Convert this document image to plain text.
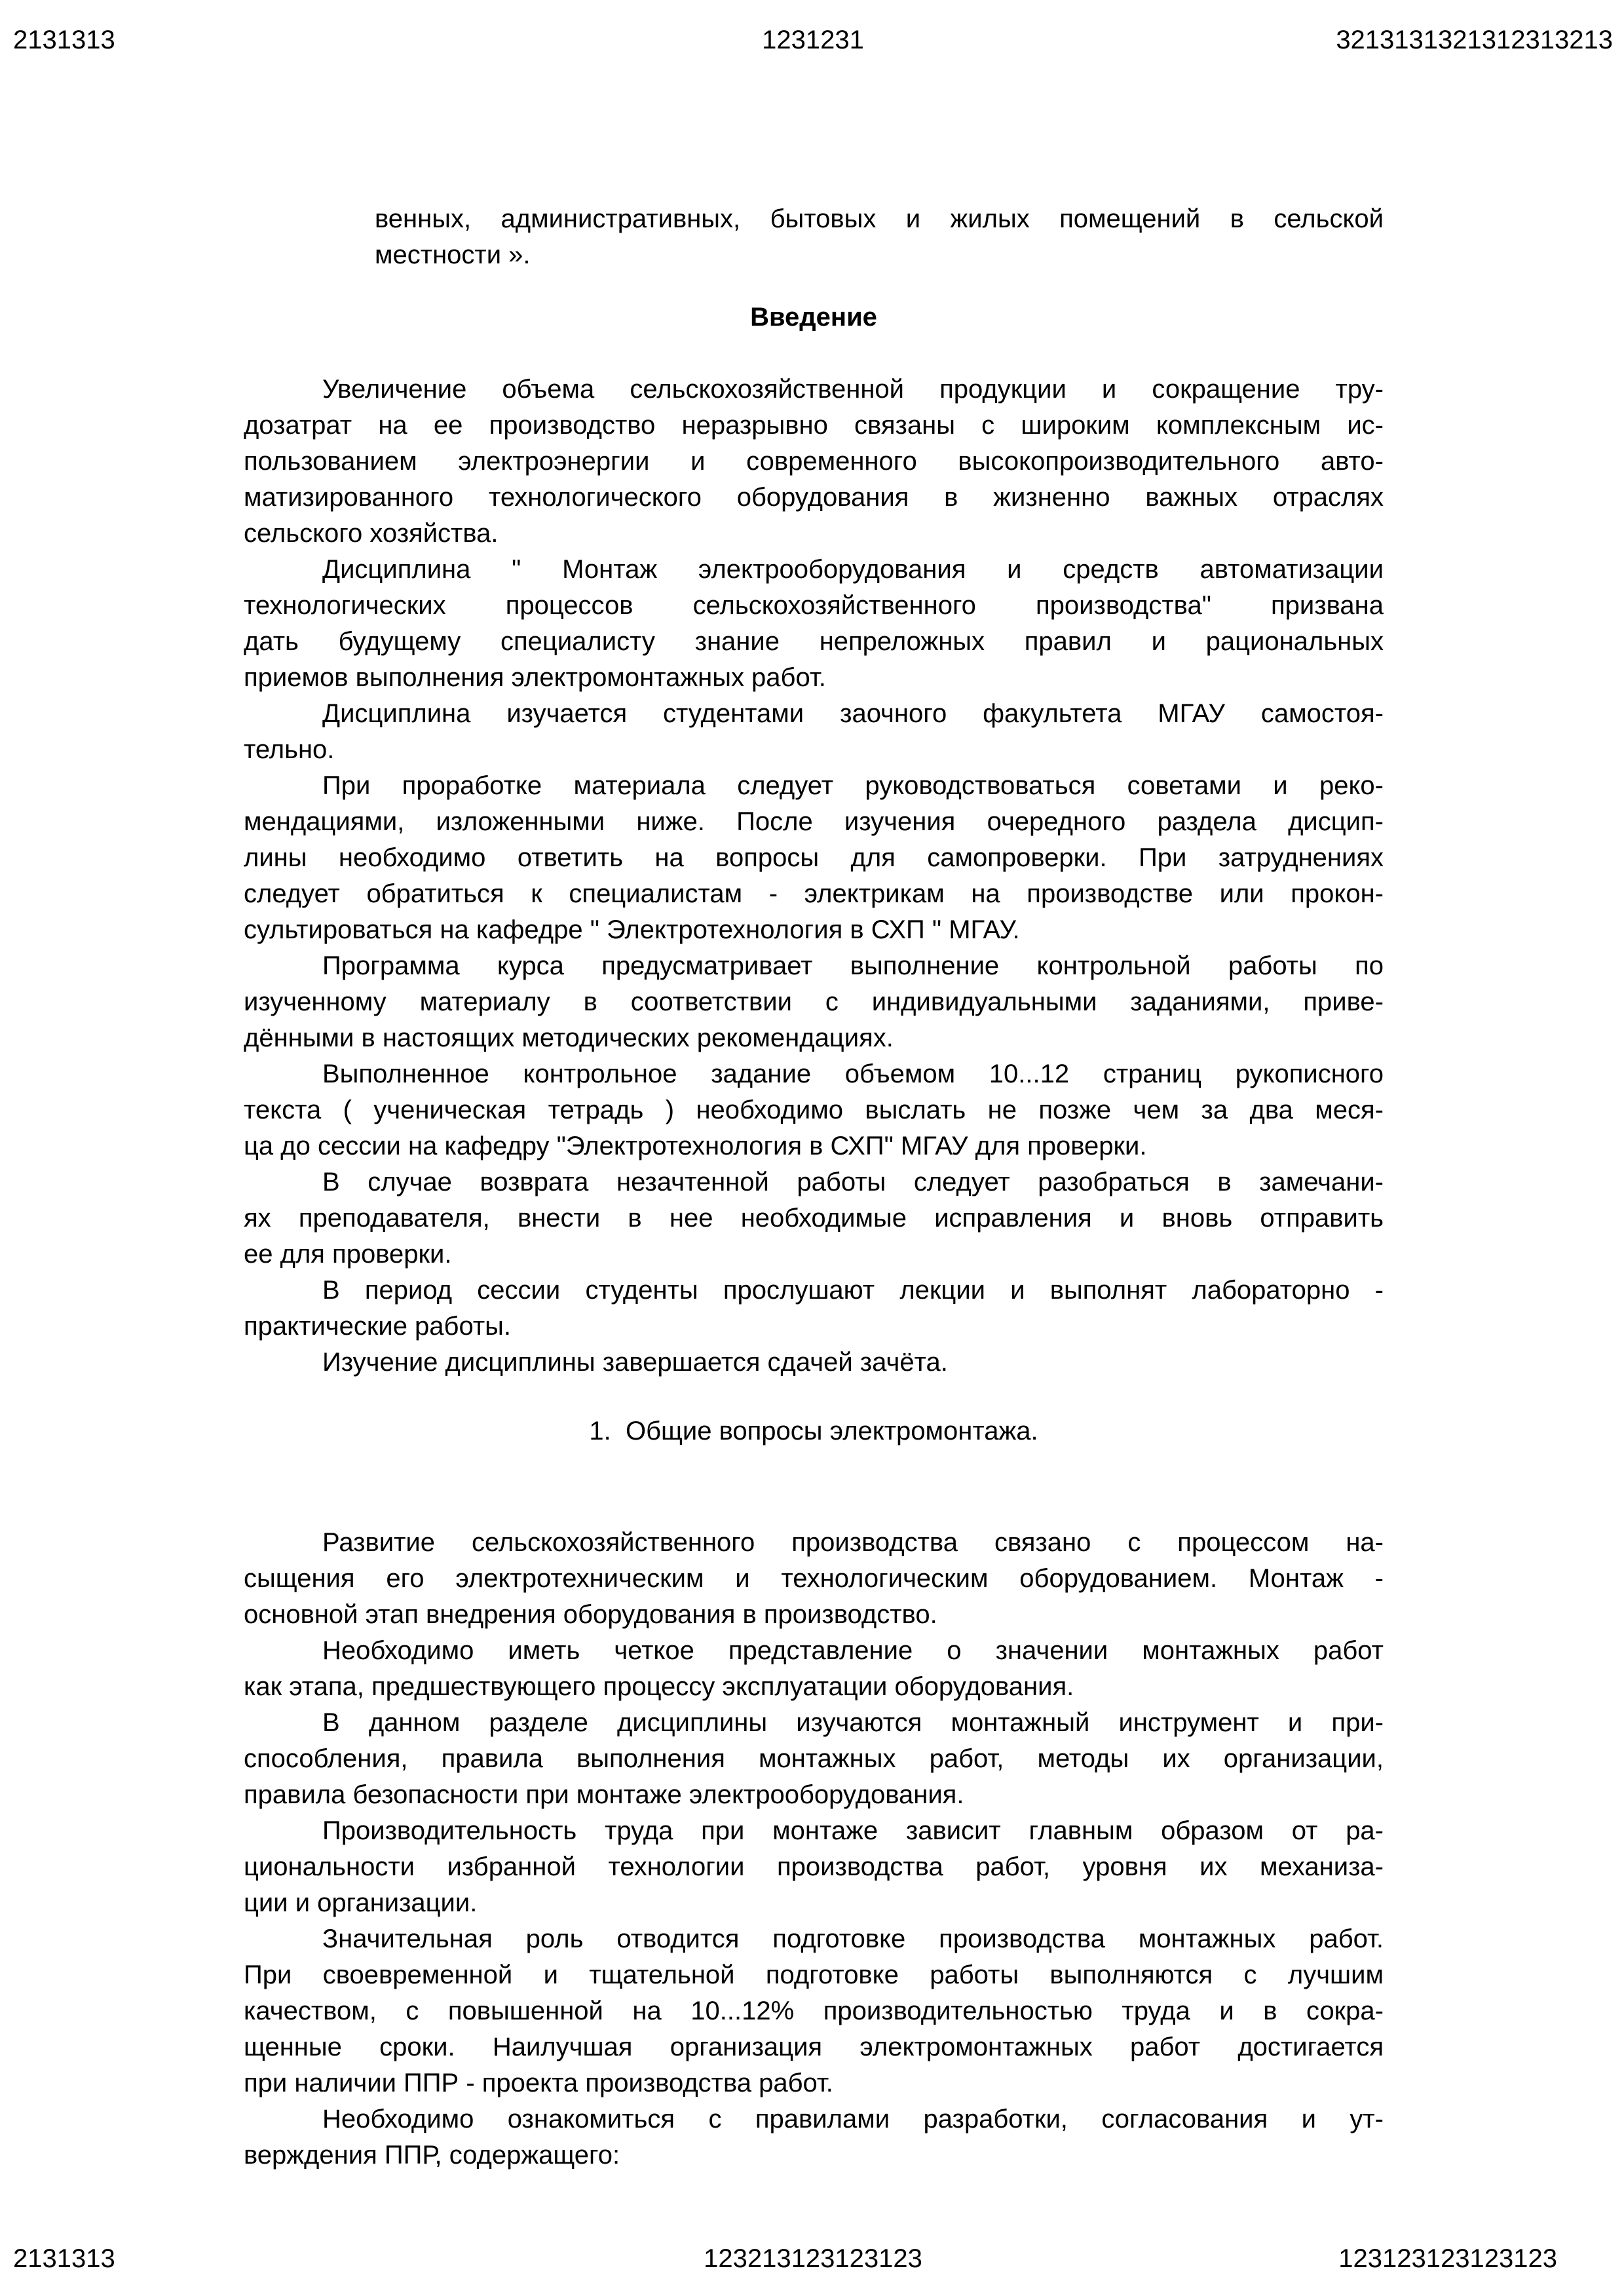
2131313	1231231	3213131321312313213
венных, административных, бытовых и жилых помещений в сельской
местности ».
Введение
Увеличение объема сельскохозяйственной продукции и сокращение тру-
дозатрат на ее производство неразрывно связаны с широким комплексным ис-
пользованием электроэнергии и современного высокопроизводительного авто-
матизированного технологического оборудования в жизненно важных отраслях
сельского хозяйства.
Дисциплина " Монтаж электрооборудования и средств автоматизации
технологических процессов сельскохозяйственного производства" призвана
дать будущему специалисту знание непреложных правил и рациональных
приемов выполнения электромонтажных работ.
Дисциплина изучается студентами заочного факультета МГАУ самостоя-
тельно.
При проработке материала следует руководствоваться советами и реко-
мендациями, изложенными ниже. После изучения очередного раздела дисцип-
лины необходимо ответить на вопросы для самопроверки. При затруднениях
следует обратиться к специалистам - электрикам на производстве или прокон-
сультироваться на кафедре " Электротехнология в СХП " МГАУ.
Программа курса предусматривает выполнение контрольной работы по
изученному материалу в соответствии с индивидуальными заданиями, приве-
дёнными в настоящих методических рекомендациях.
Выполненное контрольное задание объемом 10...12 страниц рукописного
текста ( ученическая тетрадь ) необходимо выслать не позже чем за два меся-
ца до сессии на кафедру "Электротехнология в СХП" МГАУ для проверки.
В случае возврата незачтенной работы следует разобраться в замечани-
ях преподавателя, внести в нее необходимые исправления и вновь отправить
ее для проверки.
В период сессии студенты прослушают лекции и выполнят лабораторно -
практические работы.
Изучение дисциплины завершается сдачей зачёта.
1.  Общие вопросы электромонтажа.
Развитие сельскохозяйственного производства связано с процессом на-
сыщения его электротехническим и технологическим оборудованием. Монтаж -
основной этап внедрения оборудования в производство.
Необходимо иметь четкое представление о значении монтажных работ
как этапа, предшествующего процессу эксплуатации оборудования.
В данном разделе дисциплины изучаются монтажный инструмент и при-
способления, правила выполнения монтажных работ, методы их организации,
правила безопасности при монтаже электрооборудования.
Производительность труда при монтаже зависит главным образом от ра-
циональности избранной технологии производства работ, уровня их механиза-
ции и организации.
Значительная роль отводится подготовке производства монтажных работ.
При своевременной и тщательной подготовке работы выполняются с лучшим
качеством, с повышенной на 10...12% производительностью труда и в сокра-
щенные сроки. Наилучшая организация электромонтажных работ достигается
при наличии ППР - проекта производства работ.
Необходимо ознакомиться с правилами разработки, согласования и ут-
верждения ППР, содержащего:
2131313	123213123123123	123123123123123
